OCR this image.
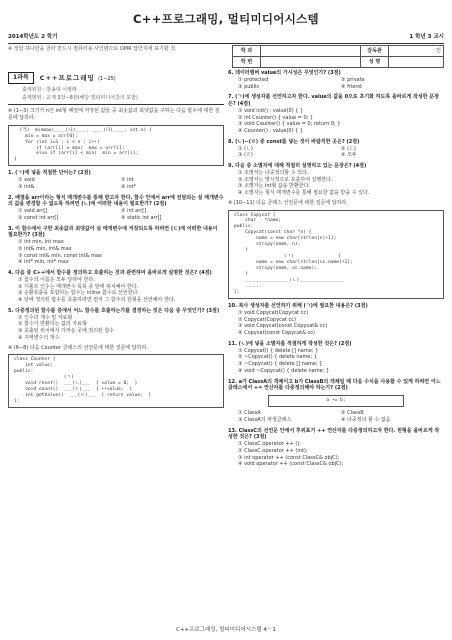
C++프로그래밍, 멀티미디어시스템
2014학년도 2 학기	1 학년 3 교시
※ 정답 하나만을 골라 반드시 컴퓨터용 사인펜으로 OMR 답안지에 표기할 것.	학 과		감독관	인
학 번		성 명	
1과목	C++프로그래밍 (1∼25)
출제위원 : 방송대 이병래
출제범위 : 교재 3장∼8장(해당 멀티미디어강의 포함)
※ (1∼3) 크기가 n인 int형 배열에 저장된 값들 중 최솟값과 최댓값을 구하는 다음 함수에 대한 질문에 답하라.
(가)  minmax(____(나)____, ____(다)____, int n) {
min = max = arr[0];
for (int i=1 ; i < n ; i++)
if (arr[i] > max)  max = arr[i];
else if (arr[i] < min)  min = arr[i];
}
1. (ㄱ)에 넣을 적절한 단어는? (2점)
① void	② int
③ int&	④ int*
2. 배열을 arr이라는 형식 매개변수를 통해 받고자 한다. 함수 안에서 arr에 전달되는 실 매개변수의 값을 변경할 수 없도록 하려면 (ㄴ)에 어떠한 내용이 필요한가? (2점)
① void arr[]	② int arr[]
③ const int arr[]	④ static int arr[]
3. 이 함수에서 구한 최솟값과 최댓값이 실 매개변수에 저장되도록 하려면 (ㄷ)에 어떠한 내용이 필요한가? (3점)
① int min, int max
② int& min, int& max
③ const int& min, const int& max
④ int* min, int* max
4. 다음 중 C++에서 함수를 정의하고 호출하는 것과 관련하여 올바르게 설명한 것은? (4점)
① 함수의 이름은 모두 달라야 한다.
② 디폴트 인수는 매개변수 목록 중 앞에 위치해야 한다.
③ 순환호출을 포함하는 함수는 inline 함수로 선언한다.
④ 단에 정의된 함수를 호출하려면 먼저 그 함수의 원형을 선언해야 한다.
5. 다중정의된 함수를 중에서 어느 함수를 호출하는가를 결정하는 것은 다음 중 무엇인가? (3점)
① 인수의 개수 및 자료형
② 함수가 반환하는 값의 자료형
③ 호출된 위치에서 가까운 곳에 정의된 함수
④ 지역변수의 개수
※ (6∼8) 다음 Counter 클래스의 선언문에 대한 질문에 답하라.
class Counter {
int value;
public:
(ㄱ)
void reset()  ___(ㄴ)___  { value = 0;  }
void count()  ___(ㄷ)___  { ++value;  }
int getValue()  ___(ㄹ)___  { return value;  }
};
6. 데이터멤버 value의 가시성은 무엇인가? (3점)
① protected	② private
③ public	④ friend
7. (ㄱ)에 생성자를 선언하고자 한다. value의 값을 0으로 초기화 하도록 올바르게 작성한 문장은? (4점)
① void init() : value(0) { }
② int Counter() { value = 0; }
③ void Counter() { value = 0; return 0; }
④ Counter() : value(0) { }
8. (ㄴ)∼(ㄹ) 중 const를 넣는 것이 바람직한 곳은? (2점)
① (ㄴ)	② (ㄷ)
③ (ㄹ)	④ 모두
9. 다음 중 소멸자에 대해 적절히 설명하고 있는 문장은? (4점)
① 소멸자는 다중정의할 수 있다.
② 소멸자는 명시적으로 호출하여 실행한다.
③ 소멸자는 int형 값을 반환한다.
④ 소멸자는 형식 매개변수를 통해 필요한 값을 받을 수 있다.
※ (10∼11) 다음 클래스 선언문에 대한 질문에 답하라.
class Copycat {
char   *name;
public:
Copycat(const char *n) {
name = new char[strlen(n)+1];
strcpy(name, n);
}
(ㄱ)                {
name = new char[strlen(cc.name)+1];
strcpy(name, cc.name);
}
________________(ㄴ)________________
......
};
10. 복사 생성자를 선언하기 위해 (ㄱ)에 필요한 내용은? (3점)
① void Copycat(Copycat cc)
② Copycat(Copycat cc)
③ void Copycat(const Copycat& cc)
④ Copycat(const Copycat& cc)
11. (ㄴ)에 넣을 소멸자를 적절하게 작성한 것은? (2점)
① Copycat() { delete [] name; }
② ~Copycat() { delete name; }
③ ~Copycat() { delete [] name; }
④ void ~Copycat() { delete name; }
12. a가 ClassA의 객체이고 b가 ClassB의 객체일 때 다음 수식을 사용할 수 있게 하려면 어느 클래스에서 += 연산자를 다중정의해야 하는가? (2점)
a += b;
① ClassA	② ClassB
③ ClassA의 파생클래스	④ 다중정의 할 수 없음
13. ClassC의 선언문 안에서 후위표기 ++ 연산자를 다중정의하고자 한다. 원형을 올바르게 작성한 것은? (3점)
① ClassC operator ++ ();
② ClassC operator ++ (int);
③ int operator ++ (const ClassC& objC);
④ void operator ++ (const ClassC& objC);
C++프로그래밍, 멀티미디어시스템 4－1
